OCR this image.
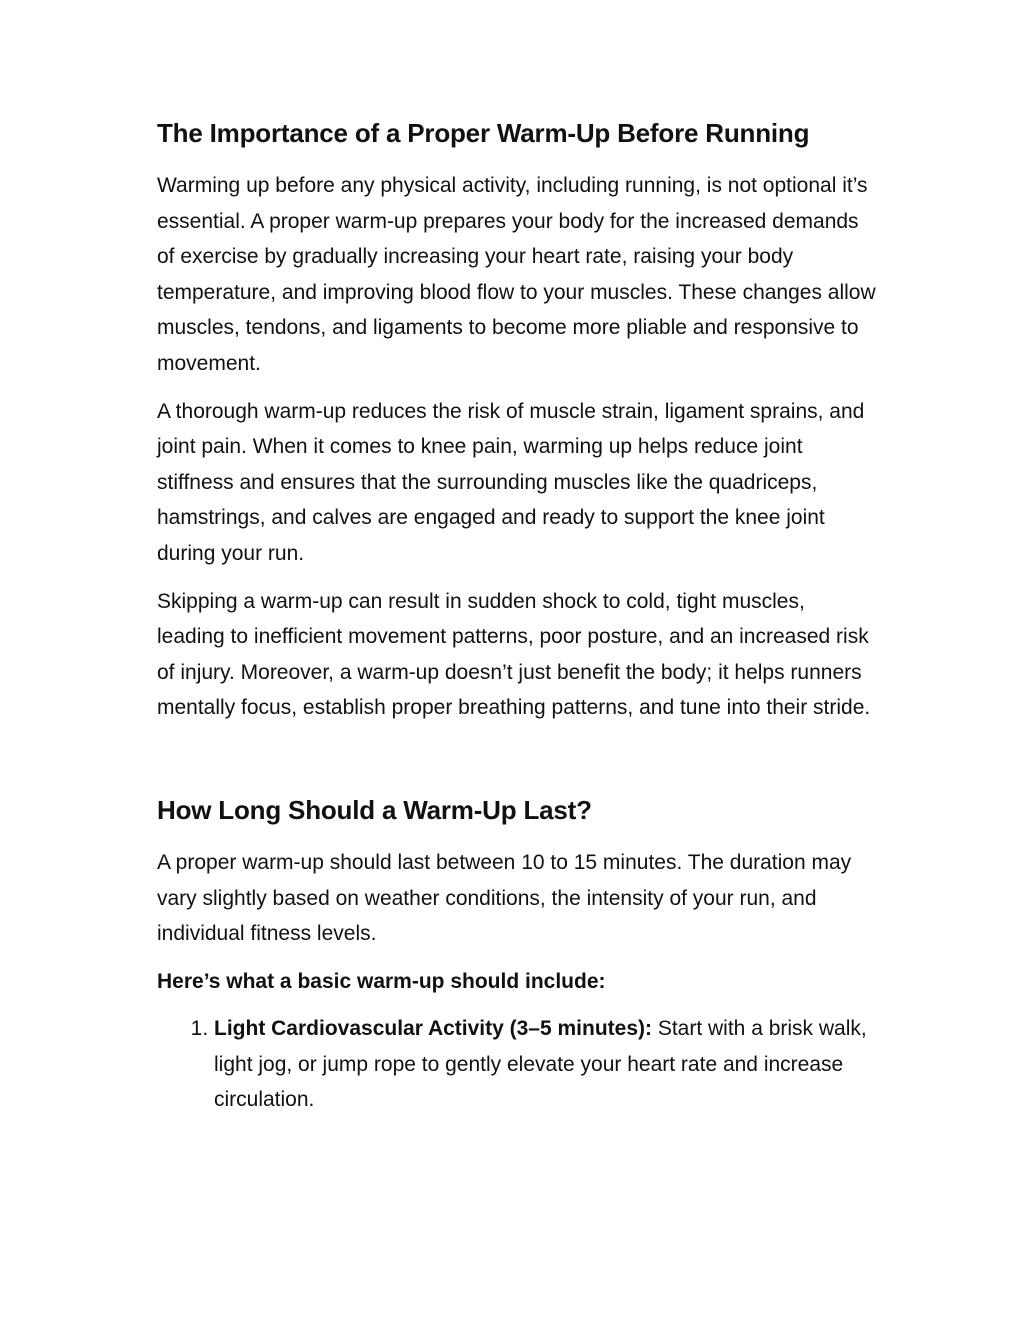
The Importance of a Proper Warm-Up Before Running

Warming up before any physical activity, including running, is not optional it’s essential. A proper warm-up prepares your body for the increased demands of exercise by gradually increasing your heart rate, raising your body temperature, and improving blood flow to your muscles. These changes allow muscles, tendons, and ligaments to become more pliable and responsive to movement.

A thorough warm-up reduces the risk of muscle strain, ligament sprains, and joint pain. When it comes to knee pain, warming up helps reduce joint stiffness and ensures that the surrounding muscles like the quadriceps, hamstrings, and calves are engaged and ready to support the knee joint during your run.

Skipping a warm-up can result in sudden shock to cold, tight muscles, leading to inefficient movement patterns, poor posture, and an increased risk of injury. Moreover, a warm-up doesn’t just benefit the body; it helps runners mentally focus, establish proper breathing patterns, and tune into their stride.

How Long Should a Warm-Up Last?

A proper warm-up should last between 10 to 15 minutes. The duration may vary slightly based on weather conditions, the intensity of your run, and individual fitness levels.

Here’s what a basic warm-up should include:

1. Light Cardiovascular Activity (3–5 minutes): Start with a brisk walk, light jog, or jump rope to gently elevate your heart rate and increase circulation.
